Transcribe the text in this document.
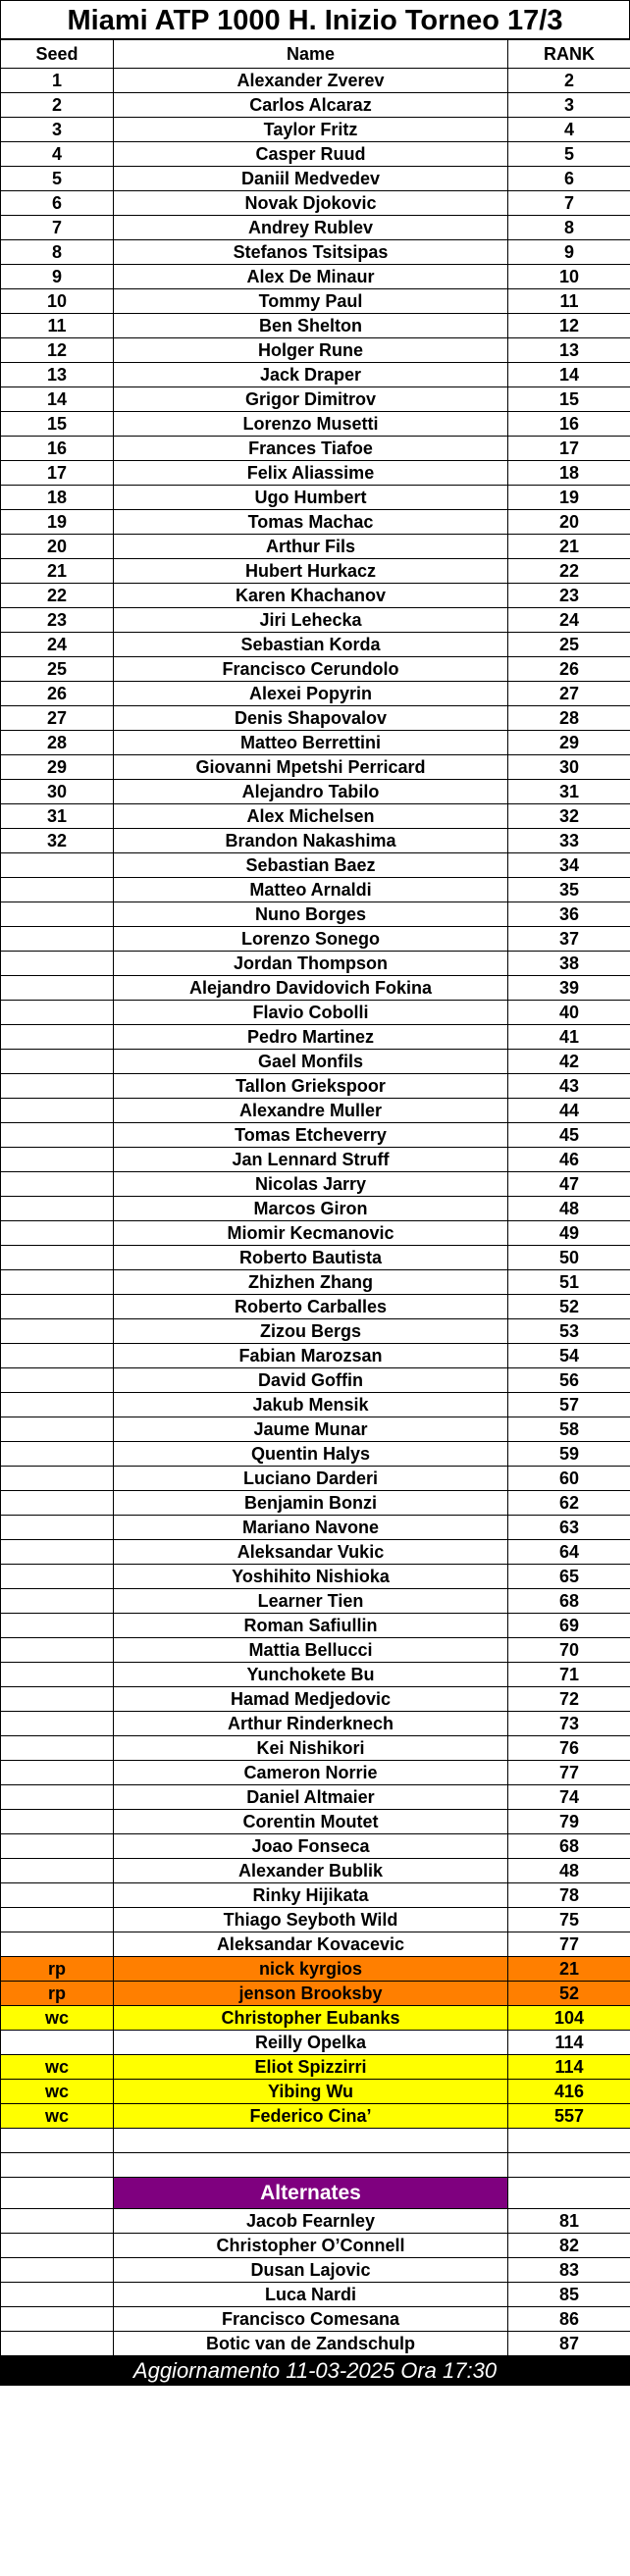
Miami ATP 1000 H. Inizio Torneo 17/3
Seed	Name	RANK
1	Alexander Zverev	2
2	Carlos Alcaraz	3
3	Taylor Fritz	4
4	Casper Ruud	5
5	Daniil Medvedev	6
6	Novak Djokovic	7
7	Andrey Rublev	8
8	Stefanos Tsitsipas	9
9	Alex De Minaur	10
10	Tommy Paul	11
11	Ben Shelton	12
12	Holger Rune	13
13	Jack Draper	14
14	Grigor Dimitrov	15
15	Lorenzo Musetti	16
16	Frances Tiafoe	17
17	Felix Aliassime	18
18	Ugo Humbert	19
19	Tomas Machac	20
20	Arthur Fils	21
21	Hubert Hurkacz	22
22	Karen Khachanov	23
23	Jiri Lehecka	24
24	Sebastian Korda	25
25	Francisco Cerundolo	26
26	Alexei Popyrin	27
27	Denis Shapovalov	28
28	Matteo Berrettini	29
29	Giovanni Mpetshi Perricard	30
30	Alejandro Tabilo	31
31	Alex Michelsen	32
32	Brandon Nakashima	33
	Sebastian Baez	34
	Matteo Arnaldi	35
	Nuno Borges	36
	Lorenzo Sonego	37
	Jordan Thompson	38
	Alejandro Davidovich Fokina	39
	Flavio Cobolli	40
	Pedro Martinez	41
	Gael Monfils	42
	Tallon Griekspoor	43
	Alexandre Muller	44
	Tomas Etcheverry	45
	Jan Lennard Struff	46
	Nicolas Jarry	47
	Marcos Giron	48
	Miomir Kecmanovic	49
	Roberto Bautista	50
	Zhizhen Zhang	51
	Roberto Carballes	52
	Zizou Bergs	53
	Fabian Marozsan	54
	David Goffin	56
	Jakub Mensik	57
	Jaume Munar	58
	Quentin Halys	59
	Luciano Darderi	60
	Benjamin Bonzi	62
	Mariano Navone	63
	Aleksandar Vukic	64
	Yoshihito Nishioka	65
	Learner Tien	68
	Roman Safiullin	69
	Mattia Bellucci	70
	Yunchokete Bu	71
	Hamad Medjedovic	72
	Arthur Rinderknech	73
	Kei Nishikori	76
	Cameron Norrie	77
	Daniel Altmaier	74
	Corentin Moutet	79
	Joao Fonseca	68
	Alexander Bublik	48
	Rinky Hijikata	78
	Thiago Seyboth Wild	75
	Aleksandar Kovacevic	77
rp	nick kyrgios	21
rp	jenson Brooksby	52
wc	Christopher Eubanks	104
	Reilly Opelka	114
wc	Eliot Spizzirri	114
wc	Yibing Wu	416
wc	Federico Cina’	557

	Alternates	
	Jacob Fearnley	81
	Christopher O’Connell	82
	Dusan Lajovic	83
	Luca Nardi	85
	Francisco Comesana	86
	Botic van de Zandschulp	87
Aggiornamento 11-03-2025 Ora 17:30
